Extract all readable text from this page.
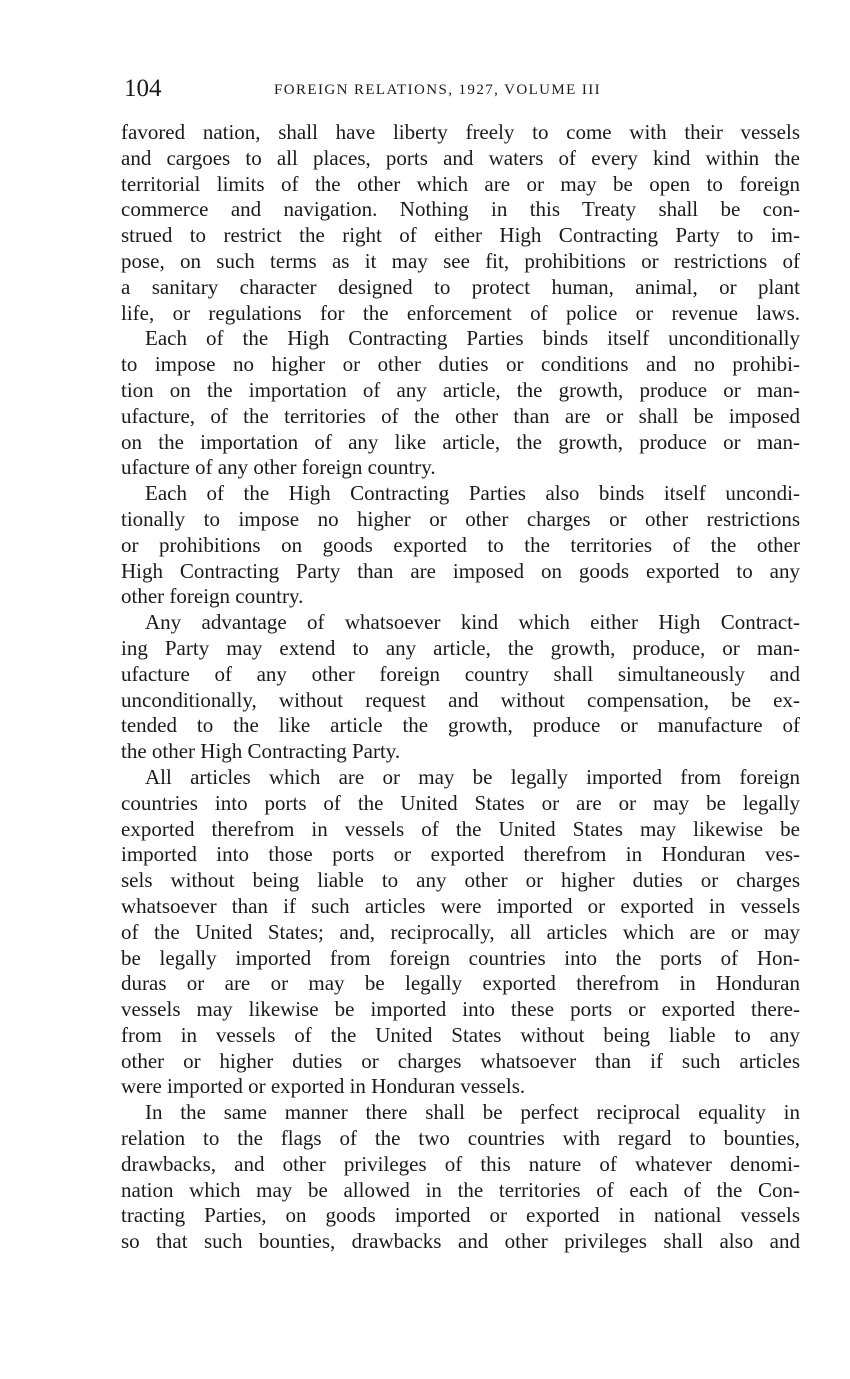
104	FOREIGN RELATIONS, 1927, VOLUME III
favored nation, shall have liberty freely to come with their vessels
and cargoes to all places, ports and waters of every kind within the
territorial limits of the other which are or may be open to foreign
commerce and navigation. Nothing in this Treaty shall be con-
strued to restrict the right of either High Contracting Party to im-
pose, on such terms as it may see fit, prohibitions or restrictions of
a sanitary character designed to protect human, animal, or plant
life, or regulations for the enforcement of police or revenue laws.
Each of the High Contracting Parties binds itself unconditionally
to impose no higher or other duties or conditions and no prohibi-
tion on the importation of any article, the growth, produce or man-
ufacture, of the territories of the other than are or shall be imposed
on the importation of any like article, the growth, produce or man-
ufacture of any other foreign country.
Each of the High Contracting Parties also binds itself uncondi-
tionally to impose no higher or other charges or other restrictions
or prohibitions on goods exported to the territories of the other
High Contracting Party than are imposed on goods exported to any
other foreign country.
Any advantage of whatsoever kind which either High Contract-
ing Party may extend to any article, the growth, produce, or man-
ufacture of any other foreign country shall simultaneously and
unconditionally, without request and without compensation, be ex-
tended to the like article the growth, produce or manufacture of
the other High Contracting Party.
All articles which are or may be legally imported from foreign
countries into ports of the United States or are or may be legally
exported therefrom in vessels of the United States may likewise be
imported into those ports or exported therefrom in Honduran ves-
sels without being liable to any other or higher duties or charges
whatsoever than if such articles were imported or exported in vessels
of the United States; and, reciprocally, all articles which are or may
be legally imported from foreign countries into the ports of Hon-
duras or are or may be legally exported therefrom in Honduran
vessels may likewise be imported into these ports or exported there-
from in vessels of the United States without being liable to any
other or higher duties or charges whatsoever than if such articles
were imported or exported in Honduran vessels.
In the same manner there shall be perfect reciprocal equality in
relation to the flags of the two countries with regard to bounties,
drawbacks, and other privileges of this nature of whatever denomi-
nation which may be allowed in the territories of each of the Con-
tracting Parties, on goods imported or exported in national vessels
so that such bounties, drawbacks and other privileges shall also and
